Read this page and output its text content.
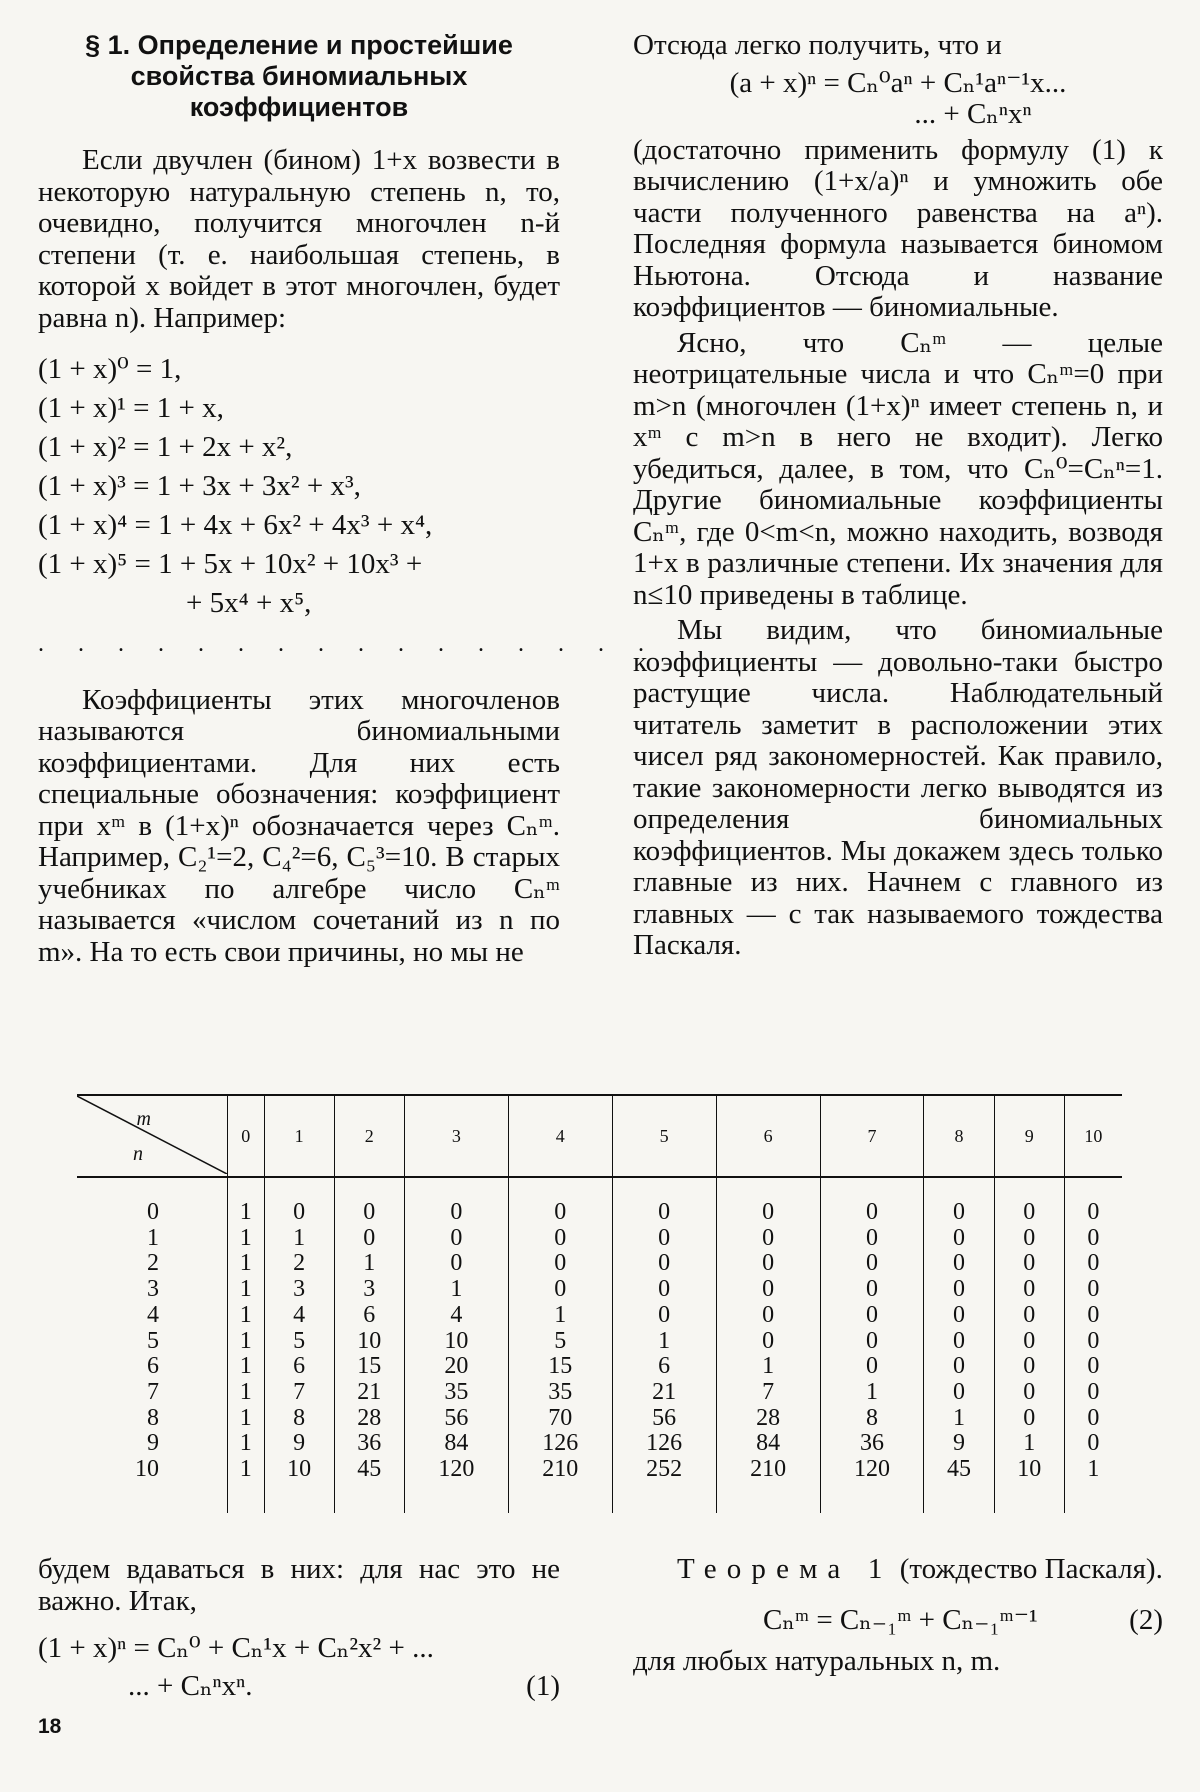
§ 1. Определение и простейшие свойства биномиальных коэффициентов

Если двучлен (бином) 1+x возвести в некоторую натуральную степень n, то, очевидно, получится многочлен n-й степени (т. е. наибольшая степень, в которой x войдет в этот многочлен, будет равна n). Например:

(1 + x)⁰ = 1,
(1 + x)¹ = 1 + x,
(1 + x)² = 1 + 2x + x²,
(1 + x)³ = 1 + 3x + 3x² + x³,
(1 + x)⁴ = 1 + 4x + 6x² + 4x³ + x⁴,
(1 + x)⁵ = 1 + 5x + 10x² + 10x³ +
+ 5x⁴ + x⁵,
. . . . . . . . . . . . . . . .

Коэффициенты этих многочленов называются биномиальными коэффициентами. Для них есть специальные обозначения: коэффициент при xᵐ в (1+x)ⁿ обозначается через Cₙᵐ. Например, C₂¹=2, C₄²=6, C₅³=10. В старых учебниках по алгебре число Cₙᵐ называется «числом сочетаний из n по m». На то есть свои причины, но мы не

Отсюда легко получить, что и

(a + x)ⁿ = Cₙ⁰aⁿ + Cₙ¹aⁿ⁻¹x...
... + Cₙⁿxⁿ

(достаточно применить формулу (1) к вычислению (1+x/a)ⁿ и умножить обе части полученного равенства на aⁿ). Последняя формула называется биномом Ньютона. Отсюда и название коэффициентов — биномиальные.

Ясно, что Cₙᵐ — целые неотрицательные числа и что Cₙᵐ=0 при m>n (многочлен (1+x)ⁿ имеет степень n, и xᵐ с m>n в него не входит). Легко убедиться, далее, в том, что Cₙ⁰=Cₙⁿ=1. Другие биномиальные коэффициенты Cₙᵐ, где 0<m<n, можно находить, возводя 1+x в различные степени. Их значения для n≤10 приведены в таблице.

Мы видим, что биномиальные коэффициенты — довольно-таки быстро растущие числа. Наблюдательный читатель заметит в расположении этих чисел ряд закономерностей. Как правило, такие закономерности легко выводятся из определения биномиальных коэффициентов. Мы докажем здесь только главные из них. Начнем с главного из главных — с так называемого тождества Паскаля.

m
n	0	1	2	3	4	5	6	7	8	9	10
0	1	0	0	0	0	0	0	0	0	0	0
1	1	1	0	0	0	0	0	0	0	0	0
2	1	2	1	0	0	0	0	0	0	0	0
3	1	3	3	1	0	0	0	0	0	0	0
4	1	4	6	4	1	0	0	0	0	0	0
5	1	5	10	10	5	1	0	0	0	0	0
6	1	6	15	20	15	6	1	0	0	0	0
7	1	7	21	35	35	21	7	1	0	0	0
8	1	8	28	56	70	56	28	8	1	0	0
9	1	9	36	84	126	126	84	36	9	1	0
10	1	10	45	120	210	252	210	120	45	10	1

будем вдаваться в них: для нас это не важно. Итак,

(1 + x)ⁿ = Cₙ⁰ + Cₙ¹x + Cₙ²x² + ...
... + Cₙⁿxⁿ.	(1)

Теорема 1 (тождество Паскаля).

Cₙᵐ = Cₙ₋₁ᵐ + Cₙ₋₁ᵐ⁻¹	(2)

для любых натуральных n, m.

18
